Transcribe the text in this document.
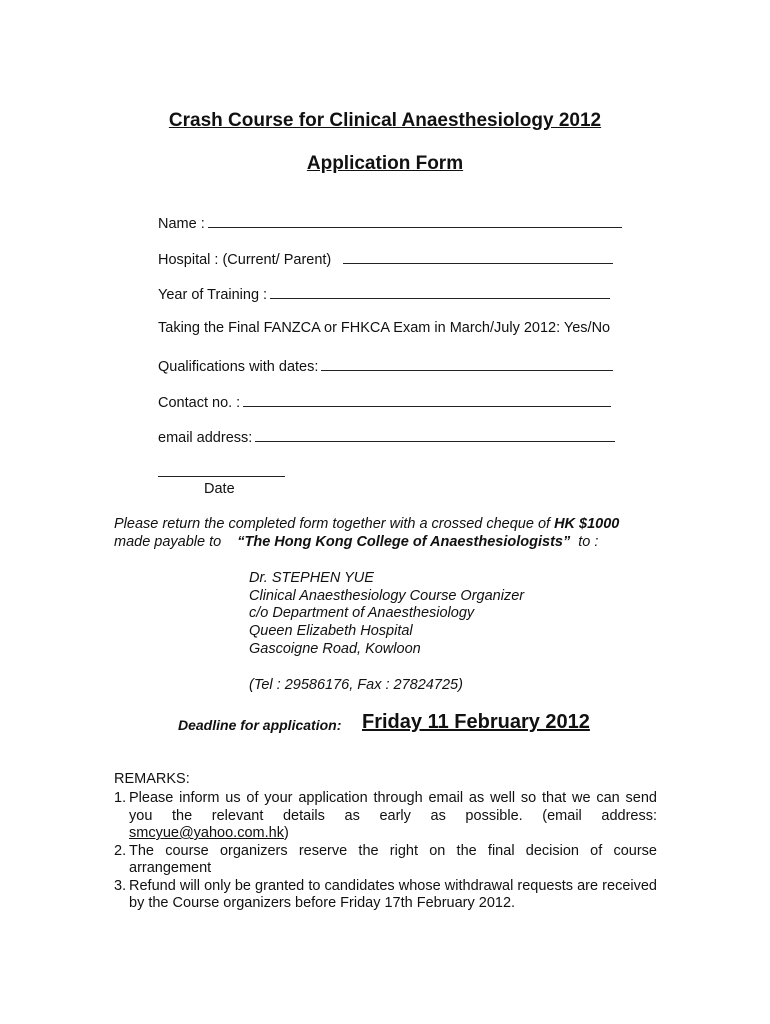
Crash Course for Clinical Anaesthesiology 2012
Application Form
Name :
Hospital : (Current/ Parent)
Year of Training :
Taking the Final FANZCA or FHKCA Exam in March/July 2012: Yes/No
Qualifications with dates:
Contact no. :
email address:
Date
Please return the completed form together with a crossed cheque of HK $1000
made payable to “The Hong Kong College of Anaesthesiologists” to :
Dr. STEPHEN YUE
Clinical Anaesthesiology Course Organizer
c/o Department of Anaesthesiology
Queen Elizabeth Hospital
Gascoigne Road, Kowloon
(Tel : 29586176, Fax : 27824725)
Deadline for application: Friday 11 February 2012
REMARKS:
1. Please inform us of your application through email as well so that we can send you the relevant details as early as possible. (email address: smcyue@yahoo.com.hk)
2. The course organizers reserve the right on the final decision of course arrangement
3. Refund will only be granted to candidates whose withdrawal requests are received by the Course organizers before Friday 17th February 2012.
